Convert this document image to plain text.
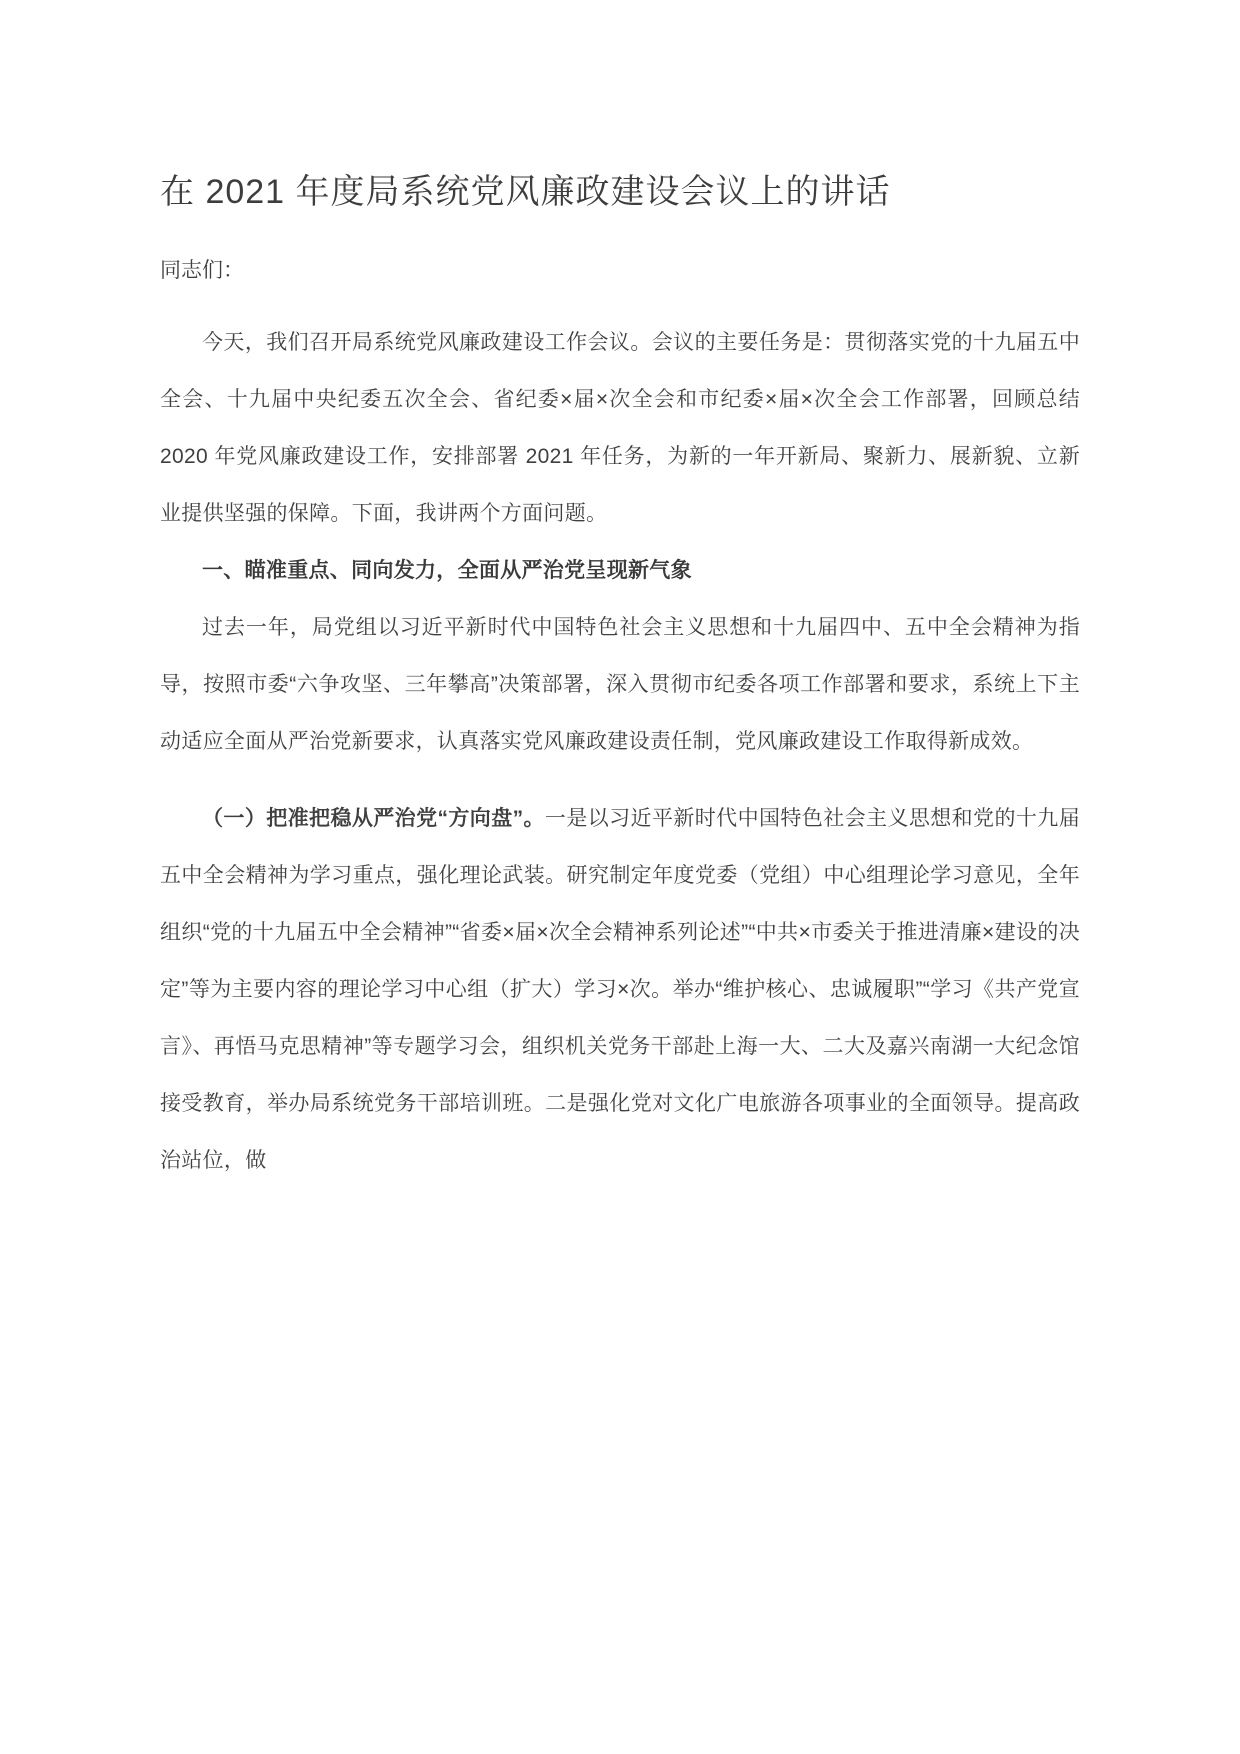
在 2021 年度局系统党风廉政建设会议上的讲话

同志们：

今天，我们召开局系统党风廉政建设工作会议。会议的主要任务是：贯彻落实党的十九届五中全会、十九届中央纪委五次全会、省纪委×届×次全会和市纪委×届×次全会工作部署，回顾总结 2020 年党风廉政建设工作，安排部署 2021 年任务，为新的一年开新局、聚新力、展新貌、立新业提供坚强的保障。下面，我讲两个方面问题。

一、瞄准重点、同向发力，全面从严治党呈现新气象

过去一年，局党组以习近平新时代中国特色社会主义思想和十九届四中、五中全会精神为指导，按照市委“六争攻坚、三年攀高”决策部署，深入贯彻市纪委各项工作部署和要求，系统上下主动适应全面从严治党新要求，认真落实党风廉政建设责任制，党风廉政建设工作取得新成效。

（一）把准把稳从严治党“方向盘”。一是以习近平新时代中国特色社会主义思想和党的十九届五中全会精神为学习重点，强化理论武装。研究制定年度党委（党组）中心组理论学习意见，全年组织“党的十九届五中全会精神”“省委×届×次全会精神系列论述”“中共×市委关于推进清廉×建设的决定”等为主要内容的理论学习中心组（扩大）学习×次。举办“维护核心、忠诚履职”“学习《共产党宣言》、再悟马克思精神”等专题学习会，组织机关党务干部赴上海一大、二大及嘉兴南湖一大纪念馆接受教育，举办局系统党务干部培训班。二是强化党对文化广电旅游各项事业的全面领导。提高政治站位，做
